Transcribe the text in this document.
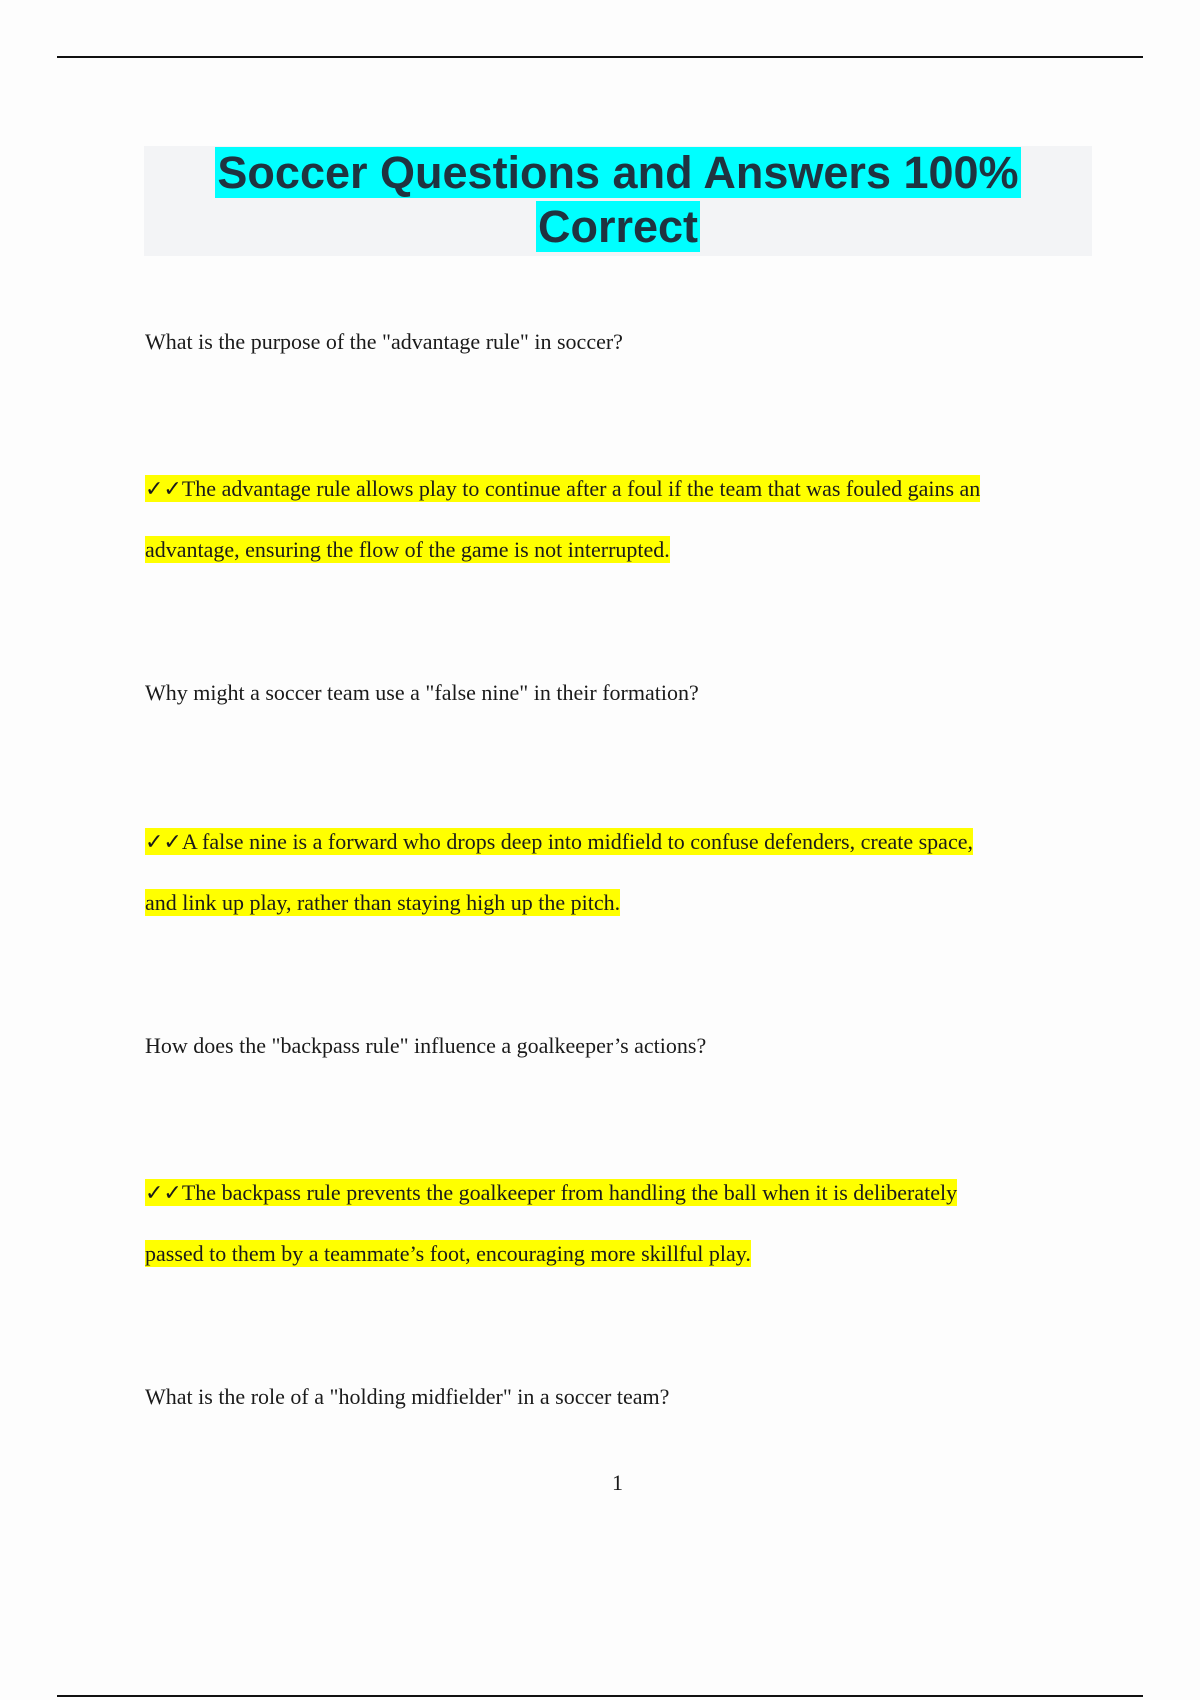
Soccer Questions and Answers 100%
Correct
What is the purpose of the "advantage rule" in soccer?
✓✓The advantage rule allows play to continue after a foul if the team that was fouled gains an
advantage, ensuring the flow of the game is not interrupted.
Why might a soccer team use a "false nine" in their formation?
✓✓A false nine is a forward who drops deep into midfield to confuse defenders, create space,
and link up play, rather than staying high up the pitch.
How does the "backpass rule" influence a goalkeeper’s actions?
✓✓The backpass rule prevents the goalkeeper from handling the ball when it is deliberately
passed to them by a teammate’s foot, encouraging more skillful play.
What is the role of a "holding midfielder" in a soccer team?
1
